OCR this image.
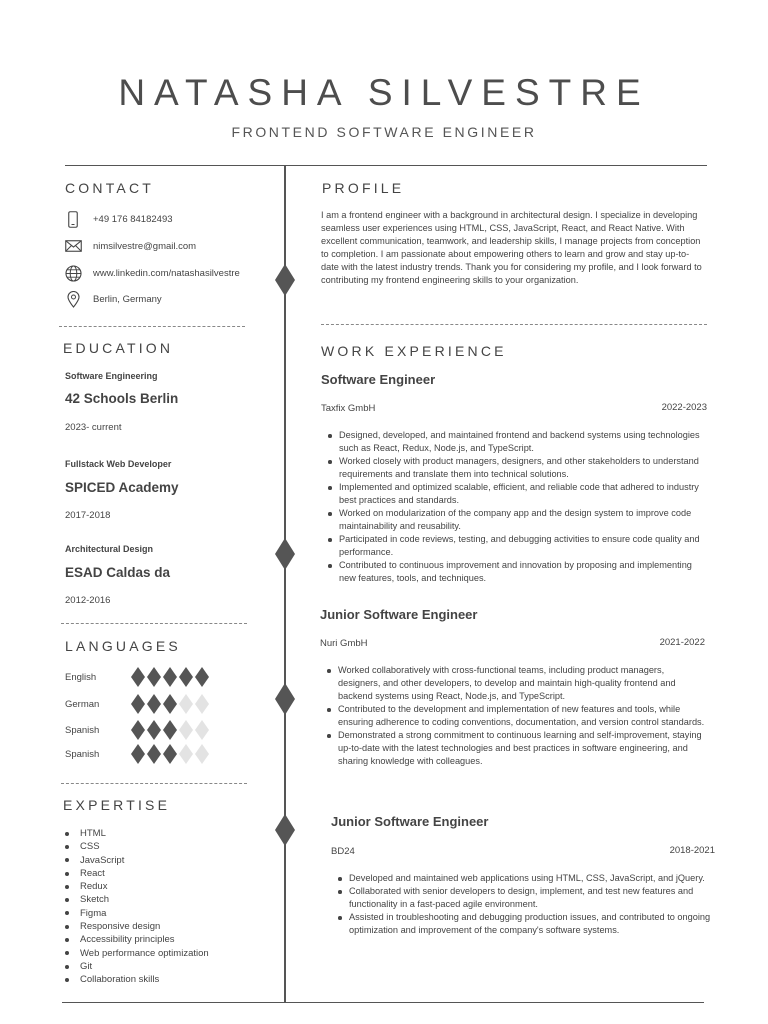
NATASHA SILVESTRE
FRONTEND SOFTWARE ENGINEER
CONTACT
+49 176 84182493
nimsilvestre@gmail.com
www.linkedin.com/natashasilvestre
Berlin, Germany
EDUCATION
Software Engineering
42 Schools Berlin
2023- current
Fullstack Web Developer
SPICED Academy
2017-2018
Architectural Design
ESAD Caldas da
2012-2016
LANGUAGES
English
German
Spanish
Spanish
EXPERTISE
HTML
CSS
JavaScript
React
Redux
Sketch
Figma
Responsive design
Accessibility principles
Web performance optimization
Git
Collaboration skills
PROFILE
I am a frontend engineer with a background in architectural design. I specialize in developing seamless user experiences using HTML, CSS, JavaScript, React, and React Native. With excellent communication, teamwork, and leadership skills, I manage projects from conception to completion. I am passionate about empowering others to learn and grow and stay up-to-date with the latest industry trends. Thank you for considering my profile, and I look forward to contributing my frontend engineering skills to your organization.
WORK EXPERIENCE
Software Engineer
Taxfix GmbH	2022-2023
Designed, developed, and maintained frontend and backend systems using technologies such as React, Redux, Node.js, and TypeScript.
Worked closely with product managers, designers, and other stakeholders to understand requirements and translate them into technical solutions.
Implemented and optimized scalable, efficient, and reliable code that adhered to industry best practices and standards.
Worked on modularization of the company app and the design system to improve code maintainability and reusability.
Participated in code reviews, testing, and debugging activities to ensure code quality and performance.
Contributed to continuous improvement and innovation by proposing and implementing new features, tools, and techniques.
Junior Software Engineer
Nuri GmbH	2021-2022
Worked collaboratively with cross-functional teams, including product managers, designers, and other developers, to develop and maintain high-quality frontend and backend systems using React, Node.js, and TypeScript.
Contributed to the development and implementation of new features and tools, while ensuring adherence to coding conventions, documentation, and version control standards.
Demonstrated a strong commitment to continuous learning and self-improvement, staying up-to-date with the latest technologies and best practices in software engineering, and sharing knowledge with colleagues.
Junior Software Engineer
BD24	2018-2021
Developed and maintained web applications using HTML, CSS, JavaScript, and jQuery.
Collaborated with senior developers to design, implement, and test new features and functionality in a fast-paced agile environment.
Assisted in troubleshooting and debugging production issues, and contributed to ongoing optimization and improvement of the company's software systems.
